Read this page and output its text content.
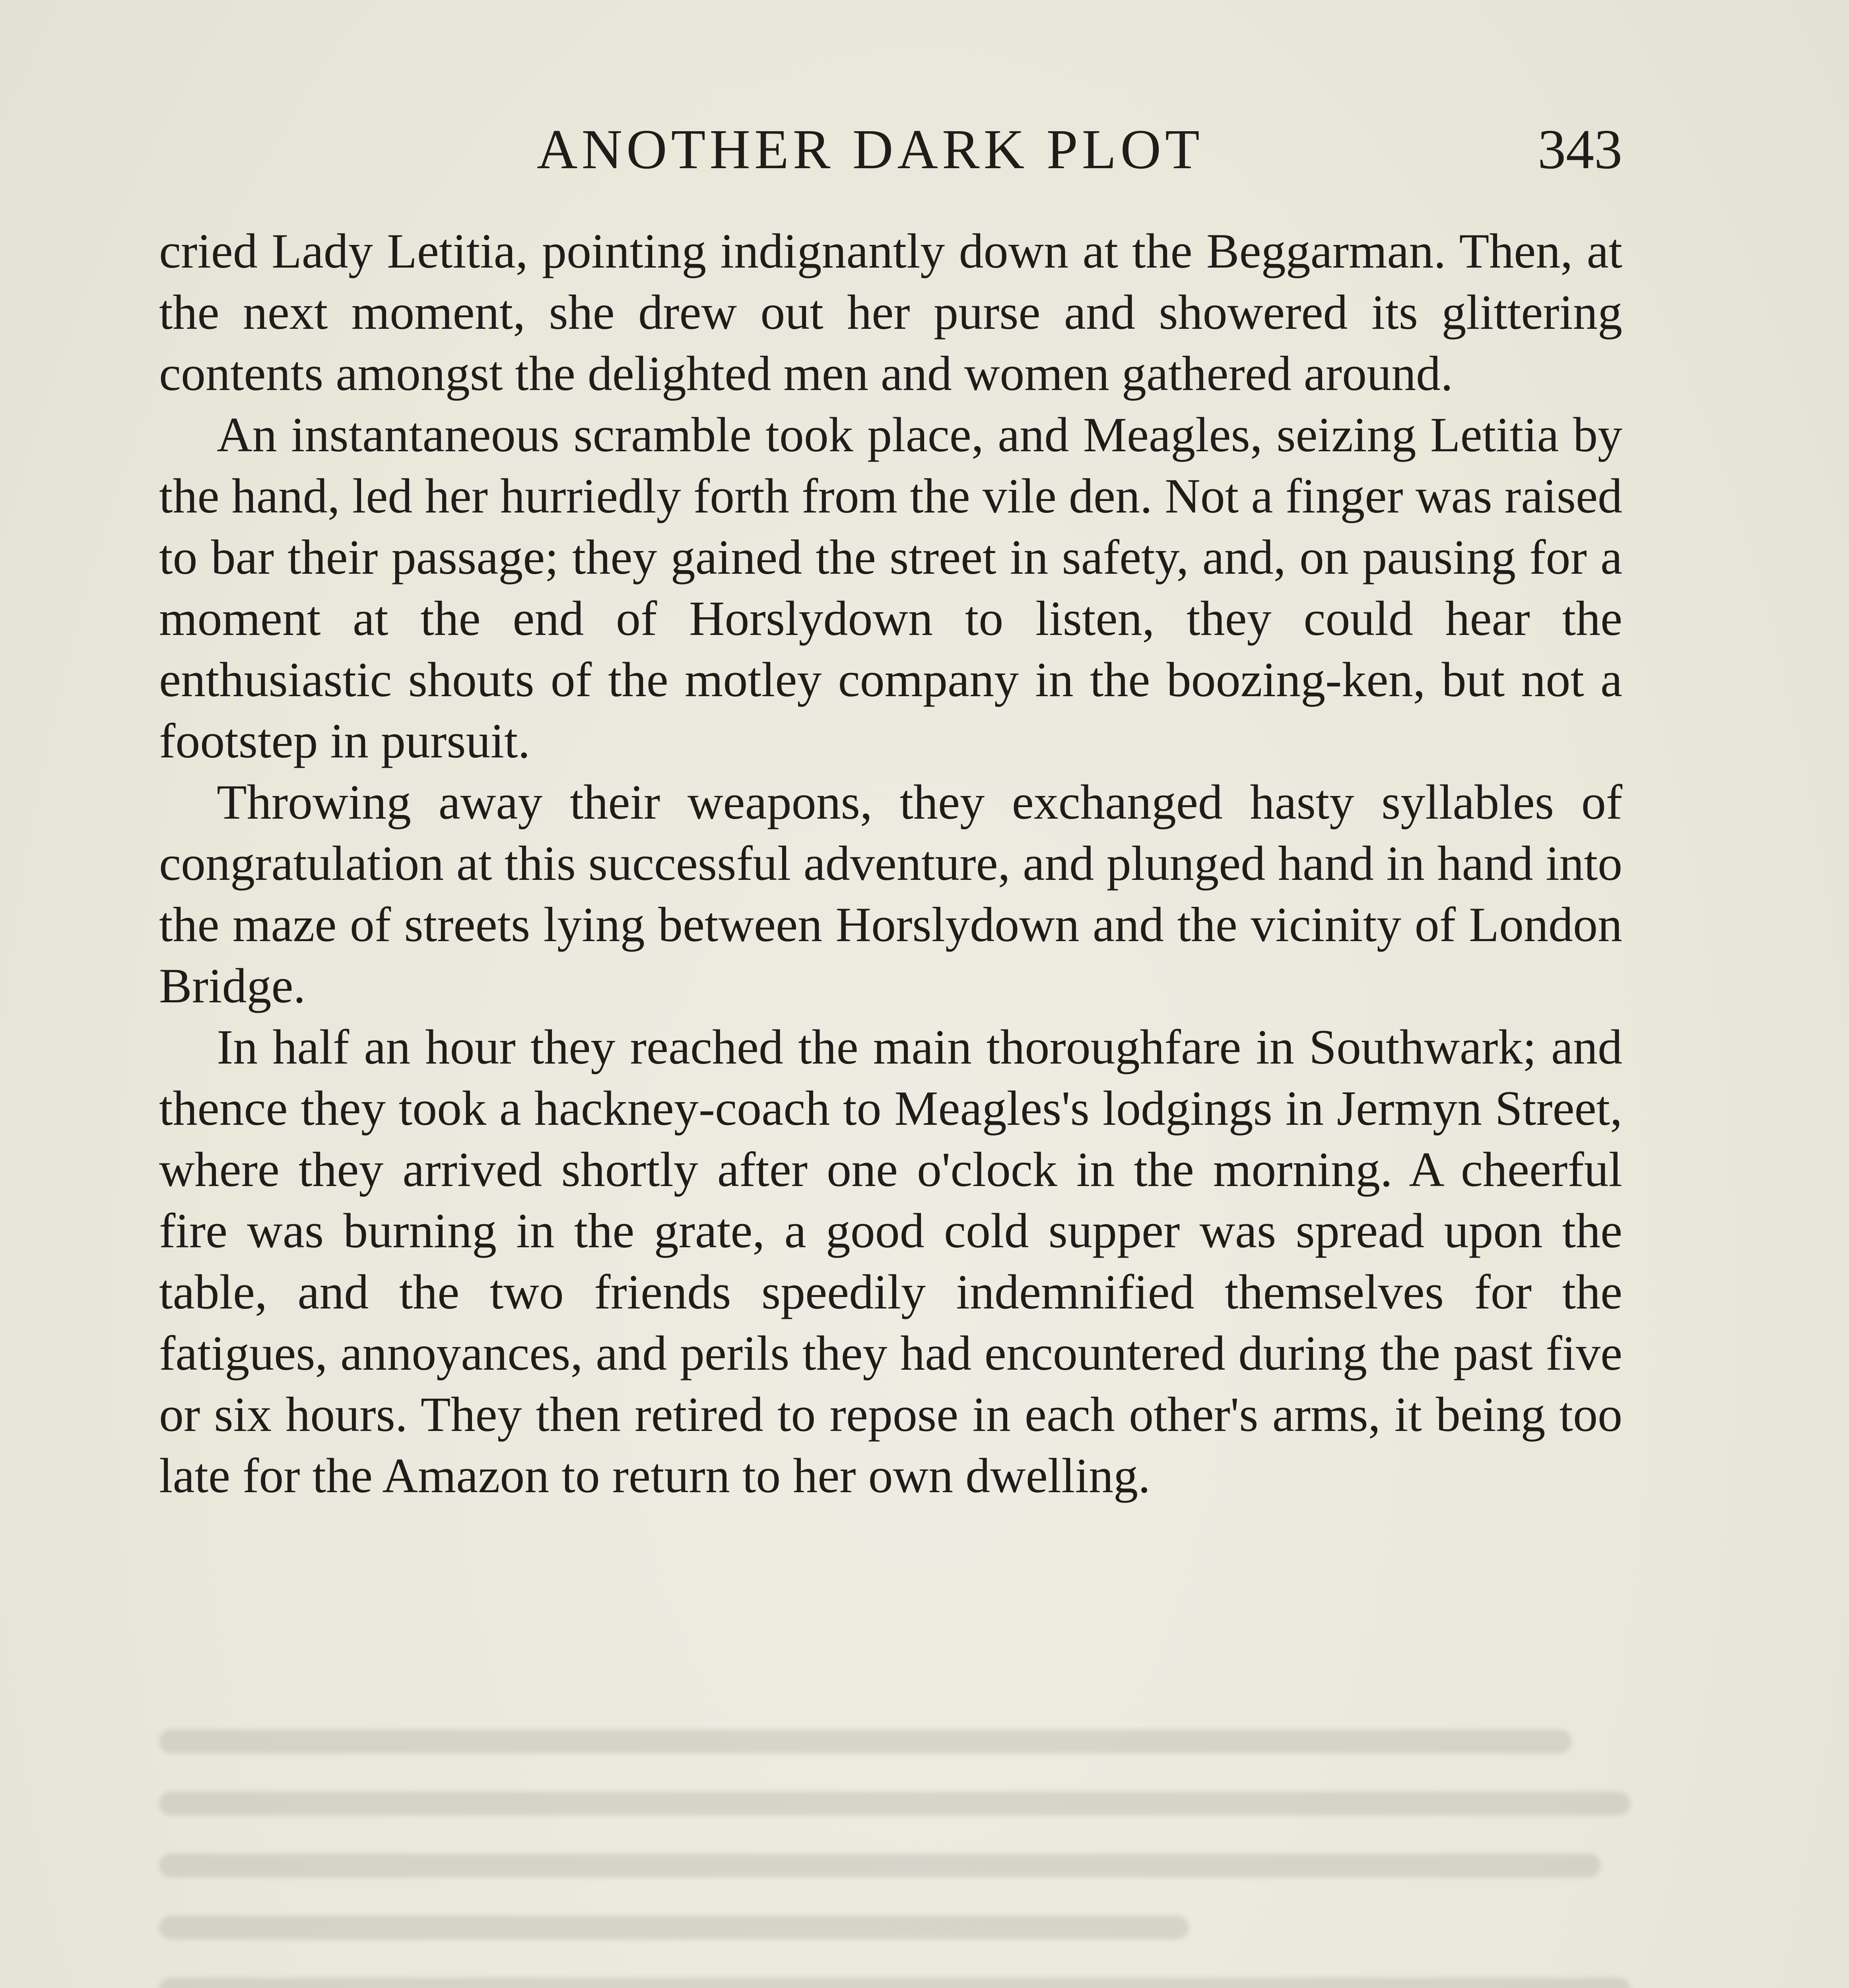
ANOTHER DARK PLOT	343

cried Lady Letitia, pointing indignantly down at the Beggarman. Then, at the next moment, she drew out her purse and showered its glittering contents amongst the delighted men and women gathered around.

An instantaneous scramble took place, and Meagles, seizing Letitia by the hand, led her hurriedly forth from the vile den. Not a finger was raised to bar their passage; they gained the street in safety, and, on pausing for a moment at the end of Horslydown to listen, they could hear the enthusiastic shouts of the motley company in the boozing-ken, but not a footstep in pursuit.

Throwing away their weapons, they exchanged hasty syllables of congratulation at this successful adventure, and plunged hand in hand into the maze of streets lying between Horslydown and the vicinity of London Bridge.

In half an hour they reached the main thoroughfare in Southwark; and thence they took a hackney-coach to Meagles's lodgings in Jermyn Street, where they arrived shortly after one o'clock in the morning. A cheerful fire was burning in the grate, a good cold supper was spread upon the table, and the two friends speedily indemnified themselves for the fatigues, annoyances, and perils they had encountered during the past five or six hours. They then retired to repose in each other's arms, it being too late for the Amazon to return to her own dwelling.
